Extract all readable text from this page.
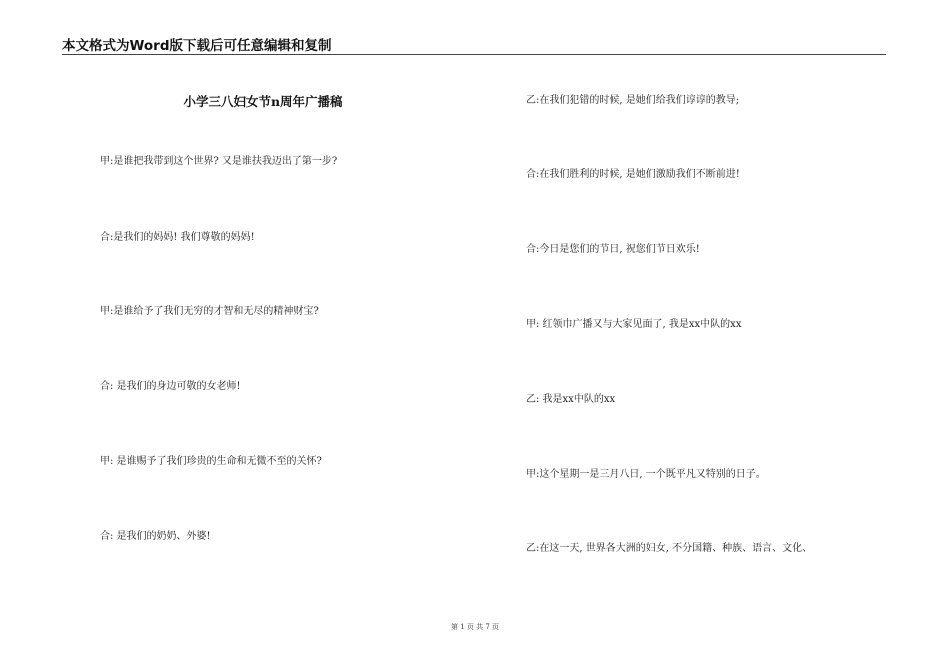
本文格式为Word版下载后可任意编辑和复制
小学三八妇女节n周年广播稿
甲:是谁把我带到这个世界? 又是谁扶我迈出了第一步?
合:是我们的妈妈! 我们尊敬的妈妈!
甲:是谁给予了我们无穷的才智和无尽的精神财宝?
合: 是我们的身边可敬的女老师!
甲: 是谁赐予了我们珍贵的生命和无微不至的关怀?
合: 是我们的奶奶、外婆!
乙:在我们犯错的时候, 是她们给我们谆谆的教导;
合:在我们胜利的时候, 是她们激励我们不断前进!
合:今日是您们的节日, 祝您们节日欢乐!
甲: 红领巾广播又与大家见面了, 我是xx中队的xx
乙: 我是xx中队的xx
甲:这个星期一是三月八日, 一个既平凡又特别的日子。
乙:在这一天, 世界各大洲的妇女, 不分国籍、种族、语言、文化、
第 1 页 共 7 页
